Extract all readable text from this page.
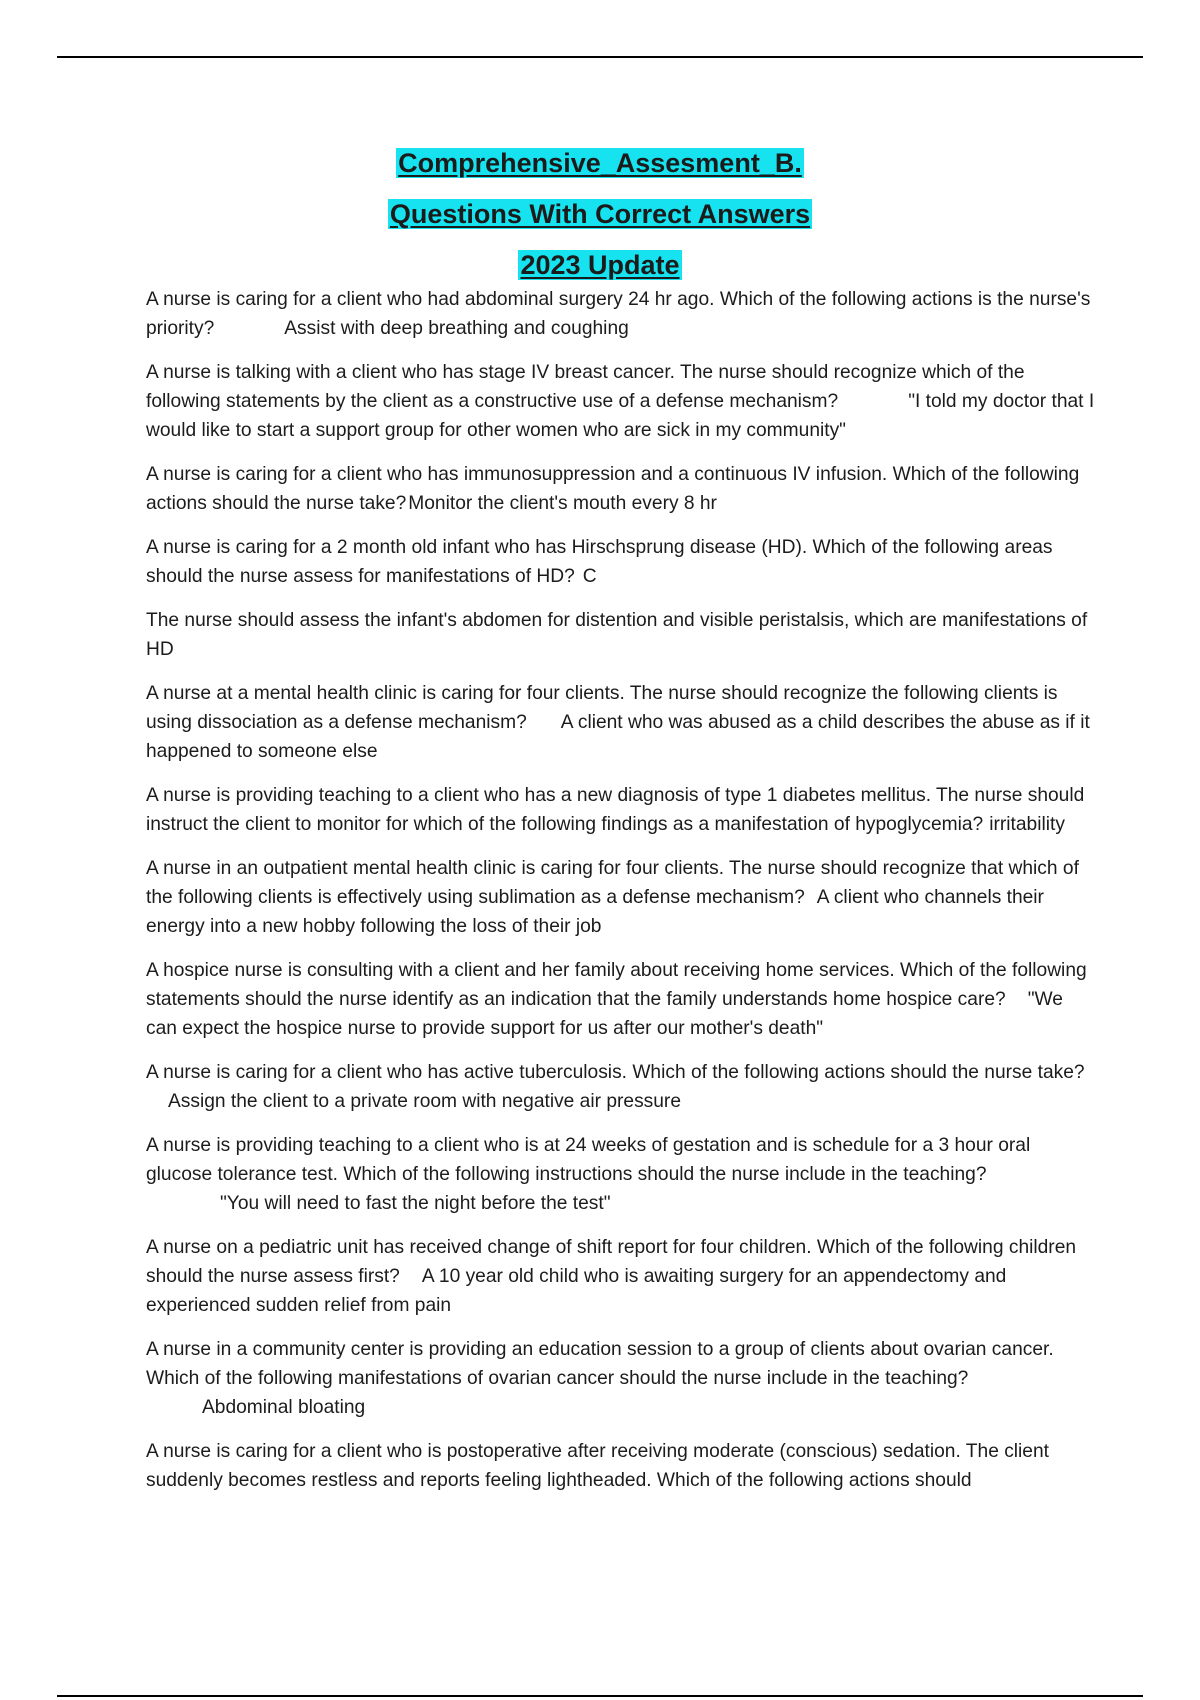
Comprehensive_Assesment_B.
Questions With Correct Answers
2023 Update

A nurse is caring for a client who had abdominal surgery 24 hr ago. Which of the following actions is the nurse's priority?	Assist with deep breathing and coughing

A nurse is talking with a client who has stage IV breast cancer. The nurse should recognize which of the following statements by the client as a constructive use of a defense mechanism?	"I told my doctor that I would like to start a support group for other women who are sick in my community"

A nurse is caring for a client who has immunosuppression and a continuous IV infusion. Which of the following actions should the nurse take? Monitor the client's mouth every 8 hr

A nurse is caring for a 2 month old infant who has Hirschsprung disease (HD). Which of the following areas should the nurse assess for manifestations of HD? C

The nurse should assess the infant's abdomen for distention and visible peristalsis, which are manifestations of HD

A nurse at a mental health clinic is caring for four clients. The nurse should recognize the following clients is using dissociation as a defense mechanism? A client who was abused as a child describes the abuse as if it happened to someone else

A nurse is providing teaching to a client who has a new diagnosis of type 1 diabetes mellitus. The nurse should instruct the client to monitor for which of the following findings as a manifestation of hypoglycemia? irritability

A nurse in an outpatient mental health clinic is caring for four clients. The nurse should recognize that which of the following clients is effectively using sublimation as a defense mechanism? A client who channels their energy into a new hobby following the loss of their job

A hospice nurse is consulting with a client and her family about receiving home services. Which of the following statements should the nurse identify as an indication that the family understands home hospice care? "We can expect the hospice nurse to provide support for us after our mother's death"

A nurse is caring for a client who has active tuberculosis. Which of the following actions should the nurse take?Assign the client to a private room with negative air pressure

A nurse is providing teaching to a client who is at 24 weeks of gestation and is schedule for a 3 hour oral glucose tolerance test. Which of the following instructions should the nurse include in the teaching?
"You will need to fast the night before the test"

A nurse on a pediatric unit has received change of shift report for four children. Which of the following children should the nurse assess first? A 10 year old child who is awaiting surgery for an appendectomy and experienced sudden relief from pain

A nurse in a community center is providing an education session to a group of clients about ovarian cancer. Which of the following manifestations of ovarian cancer should the nurse include in the teaching?Abdominal bloating

A nurse is caring for a client who is postoperative after receiving moderate (conscious) sedation. The client suddenly becomes restless and reports feeling lightheaded. Which of the following actions should
